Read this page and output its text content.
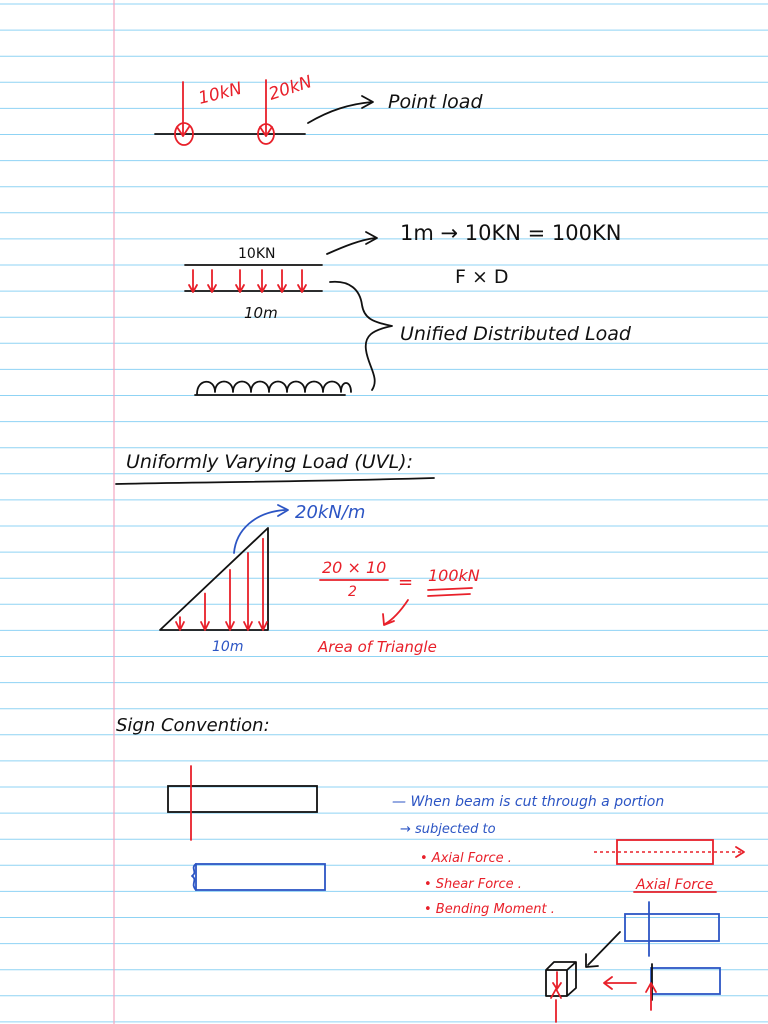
10kN 20kN	Point load
10KN
10m
1m → 10KN = 100KN
F × D
Unified Distributed Load
Uniformly Varying Load (UVL):
20kN/m
10m
20 × 10
2 = 100kN
Area of Triangle
Sign Convention:
— When beam is cut through a portion
→ subjected to
• Axial Force .
• Shear Force .
• Bending Moment .
Axial Force
